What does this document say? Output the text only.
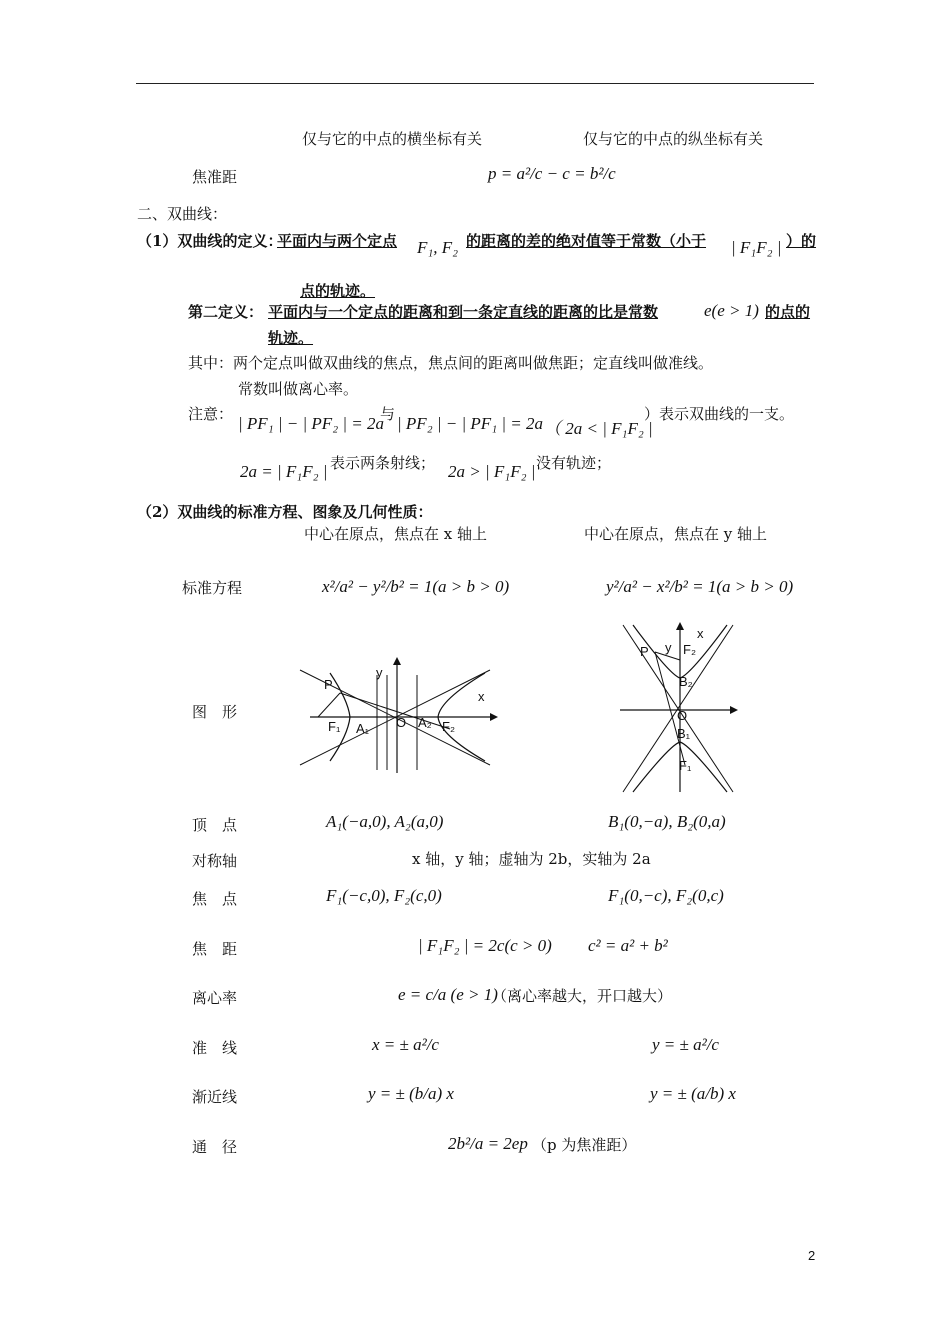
仅与它的中点的横坐标有关	仅与它的中点的纵坐标有关
焦准距	p = a²/c − c = b²/c
二、双曲线：
（1）双曲线的定义：
平面内与两个定点 F₁, F₂ 的距离的差的绝对值等于常数（小于 | F₁F₂ | ）的
点的轨迹。
第二定义： 平面内与一个定点的距离和到一条定直线的距离的比是常数	e(e > 1) 的点的
轨迹。
其中：两个定点叫做双曲线的焦点，焦点间的距离叫做焦距；定直线叫做准线。
常数叫做离心率。
注意： | PF₁ | − | PF₂ | = 2a
与 | PF₂ | − | PF₁ | = 2a （ 2a < | F₁F₂ |
）表示双曲线的一支。
2a = | F₁F₂ | 表示两条射线； 2a > | F₁F₂ | 没有轨迹；
（2）双曲线的标准方程、图象及几何性质：
中心在原点，焦点在 x 轴上	中心在原点，焦点在 y 轴上
标准方程	x²/a² − y²/b² = 1(a > b > 0)	y²/a² − x²/b² = 1(a > b > 0)
图　形
x
y
P
F₁ A₁ O A₂ F₂
x
y
P	F₂
B₂
O
B₁
F₁
顶　点	A₁(−a,0), A₂(a,0)	B₁(0,−a), B₂(0,a)
对称轴	x 轴，y 轴；虚轴为 2b，实轴为 2a
焦　点	F₁(−c,0), F₂(c,0)	F₁(0,−c), F₂(0,c)
焦　距	| F₁F₂ | = 2c(c > 0) c² = a² + b²
离心率	e = c/a (e > 1)
（离心率越大，开口越大）
准　线	x = ± a²/c	y = ± a²/c
渐近线	y = ± (b/a) x	y = ± (a/b) x
通　径	2b²/a = 2ep （p 为焦准距）
2
